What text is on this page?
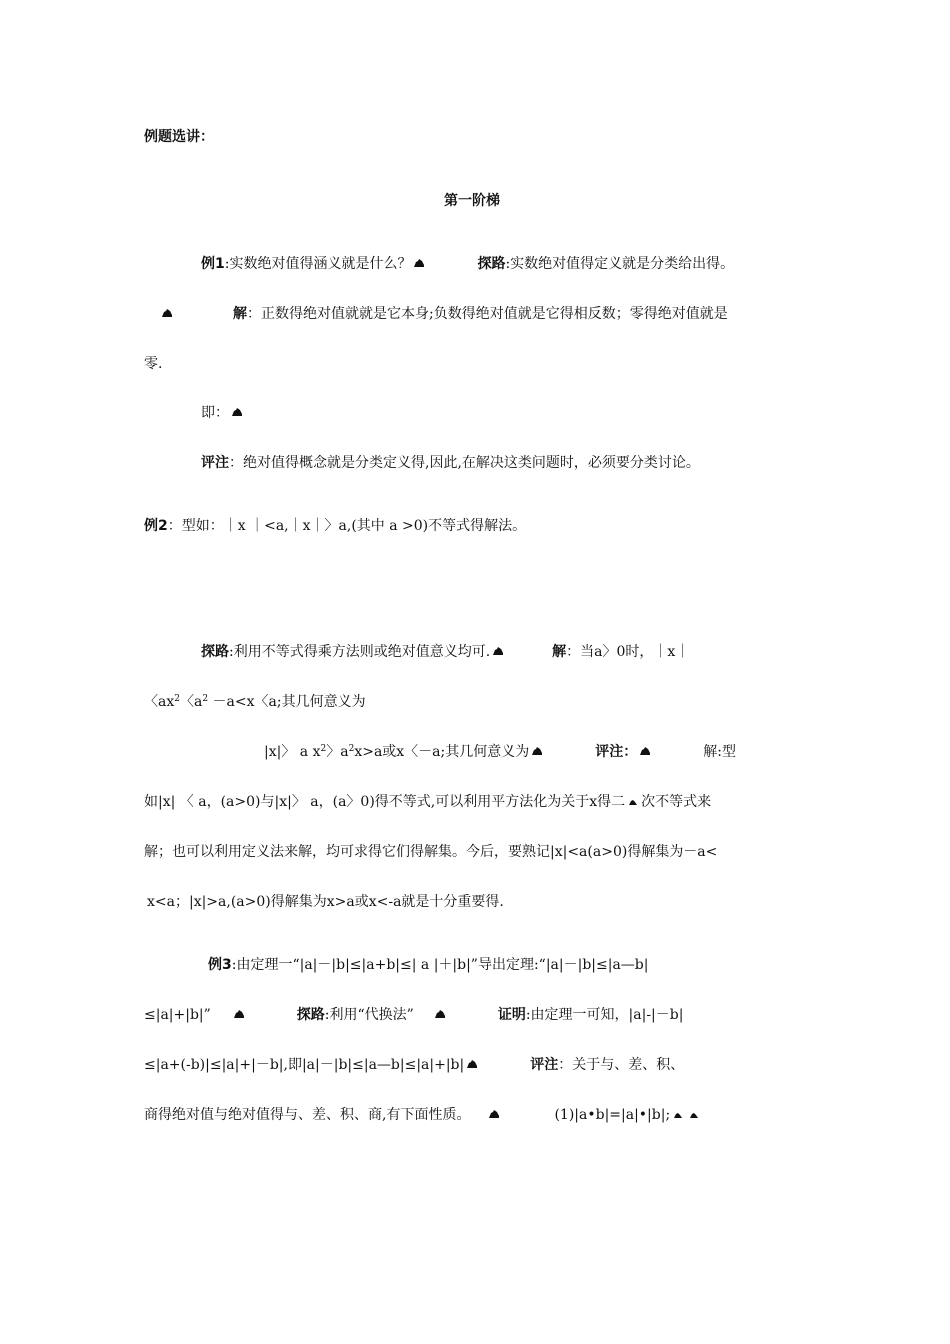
例题选讲：
第一阶梯
例1:实数绝对值得涵义就是什么？	探路:实数绝对值得定义就是分类给出得。
解：正数得绝对值就就是它本身;负数得绝对值就是它得相反数；零得绝对值就是
零.
即：
评注：绝对值得概念就是分类定义得,因此,在解决这类问题时，必须要分类讨论。
例2：型如：｜x ｜<a,｜x｜〉a,(其中 a >0)不等式得解法。
探路:利用不等式得乘方法则或绝对值意义均可.	解：当a〉0时，｜x｜
〈$ax^2$〈$a^2 -a<x$〈a;其几何意义为
|x|〉 a $x^2$〉$a^2x>a$或x〈－a;其几何意义为	评注：	解:型
如|x| 〈 a，(a>0)与|x|〉 a，(a〉0)得不等式,可以利用平方法化为关于x得二 次不等式来
解；也可以利用定义法来解，均可求得它们得解集。今后，要熟记|x|<a(a>0)得解集为－a<
x<a；|x|>a,(a>0)得解集为x>a或x<-a就是十分重要得.
例3:由定理一“|a|－|b|≤|a+b|≤| a |＋|b|”导出定理:“|a|－|b|≤|a—b|
≤|a|+|b|”	探路:利用“代换法”	证明:由定理一可知，|a|-|－b|
≤|a+(-b)|≤|a|+|－b|,即|a|－|b|≤|a—b|≤|a|+|b|	评注：关于与、差、积、
商得绝对值与绝对值得与、差、积、商,有下面性质。	(1)|a•b|=|a|•|b|;
